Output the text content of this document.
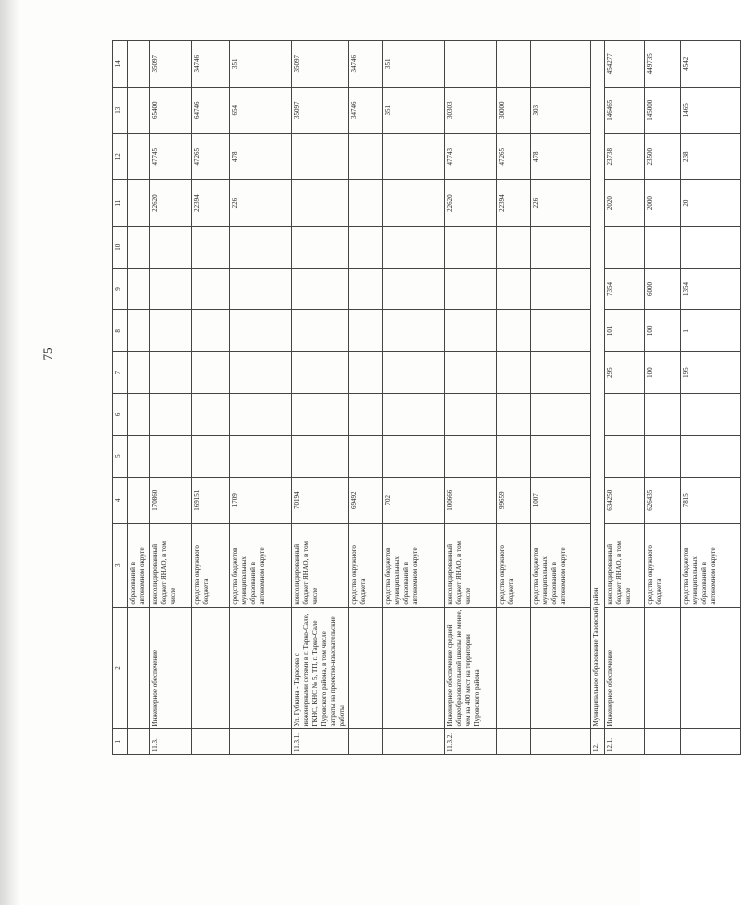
75
1	2	3	4	5	6	7	8	9	10	11	12	13	14
		образований в автономном округе											
11.3.	Инженерное обеспечение	консолидированный бюджет ЯНАО, в том числе	170860							22620	47745	65400	35097
		средства окружного бюджета	169151							22394	47265	64746	34746
		средства бюджетов муниципальных образований в автономном округе	1709							226	478	654	351
11.3.1.	Ул. Губкина - Тарасова с инженерными сетями в г. Тарко-Сале, ГКНС, КНС № 5, ТП, г. Тарко-Сале Пуровского района, в том числе затраты на проектно-изыскательские работы	консолидированный бюджет ЯНАО, в том числе	70194									35097	35097
		средства окружного бюджета	69492									34746	34746
		средства бюджетов муниципальных образований в автономном округе	702									351	351
11.3.2.	Инженерное обеспечение средней общеобразовательной школы не менее, чем на 400 мест на территории Пуровского района	консолидированный бюджет ЯНАО, в том числе	100666							22620	47743	30303	
		средства окружного бюджета	99659							22394	47265	30000	
		средства бюджетов муниципальных образований в автономном округе	1007							226	478	303	
12.	Муниципальное образование Тазовский район												
12.1.	Инженерное обеспечение	консолидированный бюджет ЯНАО, в том числе	634250			295	101	7354		2020	23738	146465	454277
		средства окружного бюджета	626435			100	100	6000		2000	23500	145000	449735
		средства бюджетов муниципальных образований в автономном округе	7815			195	1	1354		20	238	1465	4542
